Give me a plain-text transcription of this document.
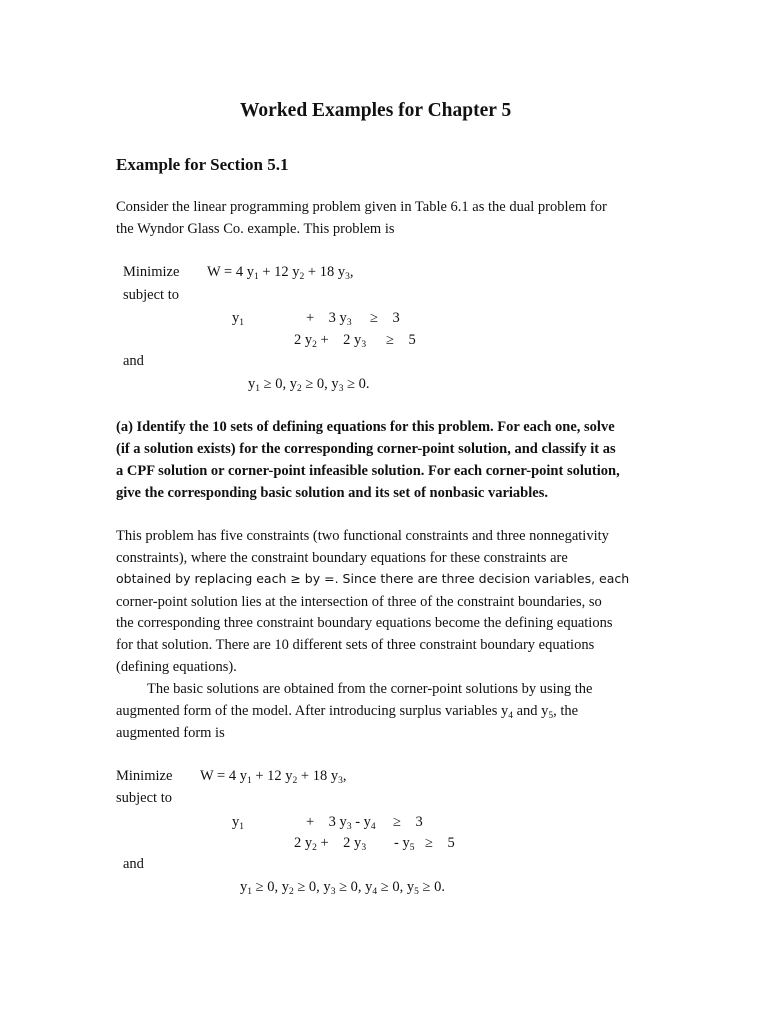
Worked Examples for Chapter 5
Example for Section 5.1
Consider the linear programming problem given in Table 6.1 as the dual problem for
the Wyndor Glass Co. example. This problem is
Minimize W = 4 $y_1 + 12$ $y_2 + 18$ $y_3$,
subject to
$y_1$	+    3 $y_3$ ≥    3
2 $y_2$ +    2 $y_3$ ≥    5
and
$y_1 \ge 0$, $y_2 \ge 0$, $y_3 \ge 0$.
(a) Identify the 10 sets of defining equations for this problem. For each one, solve
(if a solution exists) for the corresponding corner-point solution, and classify it as
a CPF solution or corner-point infeasible solution. For each corner-point solution,
give the corresponding basic solution and its set of nonbasic variables.
This problem has five constraints (two functional constraints and three nonnegativity
constraints), where the constraint boundary equations for these constraints are
obtained by replacing each ≥ by =. Since there are three decision variables, each
corner-point solution lies at the intersection of three of the constraint boundaries, so
the corresponding three constraint boundary equations become the defining equations
for that solution. There are 10 different sets of three constraint boundary equations
(defining equations).
The basic solutions are obtained from the corner-point solutions by using the
augmented form of the model. After introducing surplus variables $y_4$ and $y_5$, the
augmented form is
Minimize W = 4 $y_1 + 12$ $y_2 + 18$ $y_3$,
subject to
$y_1$	+    3 $y_3 - y_4$ ≥    3
2 $y_2$ +    2 $y_3 - y_5$ ≥    5
and
$y_1 \ge 0$, $y_2 \ge 0$, $y_3 \ge 0$, $y_4 \ge 0$, $y_5 \ge 0$.
